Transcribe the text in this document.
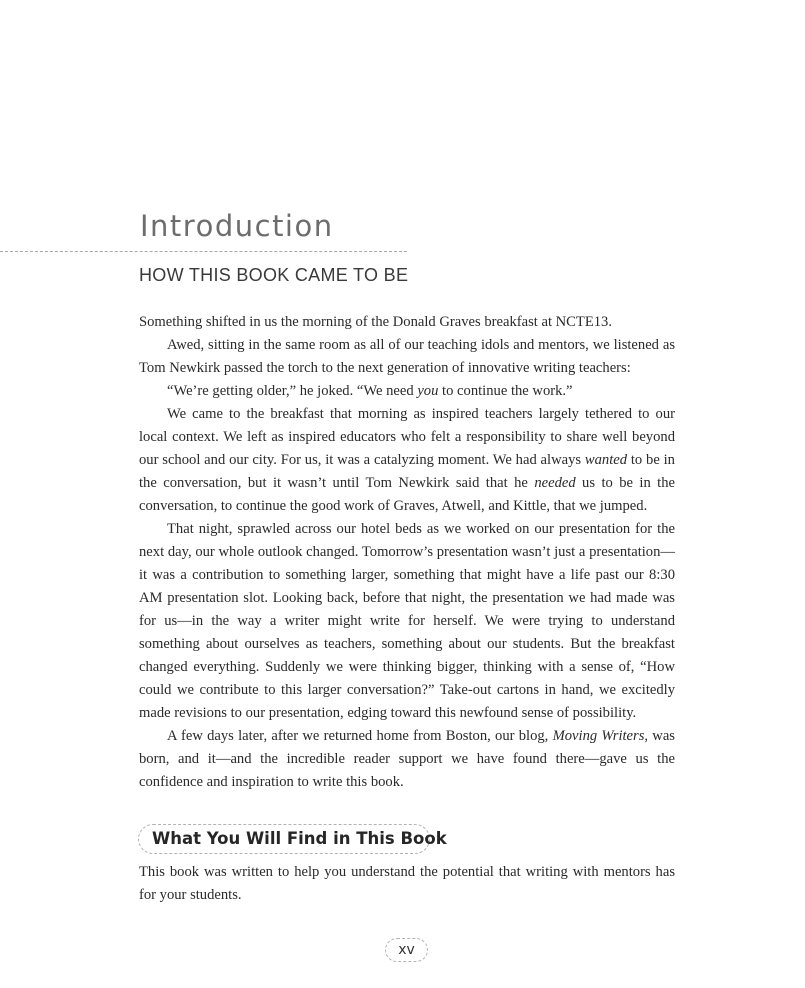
Introduction
HOW THIS BOOK CAME TO BE

Something shifted in us the morning of the Donald Graves breakfast at NCTE13.

Awed, sitting in the same room as all of our teaching idols and mentors, we listened as Tom Newkirk passed the torch to the next generation of innovative writing teachers:

“We’re getting older,” he joked. “We need you to continue the work.”

We came to the breakfast that morning as inspired teachers largely tethered to our local context. We left as inspired educators who felt a responsibility to share well beyond our school and our city. For us, it was a catalyzing moment. We had always wanted to be in the conversation, but it wasn’t until Tom Newkirk said that he needed us to be in the conversation, to continue the good work of Graves, Atwell, and Kittle, that we jumped.

That night, sprawled across our hotel beds as we worked on our presentation for the next day, our whole outlook changed. Tomorrow’s presentation wasn’t just a presentation—it was a contribution to something larger, something that might have a life past our 8:30 AM presentation slot. Looking back, before that night, the presentation we had made was for us—in the way a writer might write for herself. We were trying to understand something about ourselves as teachers, something about our students. But the breakfast changed everything. Suddenly we were thinking bigger, thinking with a sense of, “How could we contribute to this larger conversation?” Take-out cartons in hand, we excitedly made revisions to our presentation, edging toward this newfound sense of possibility.

A few days later, after we returned home from Boston, our blog, Moving Writers, was born, and it—and the incredible reader support we have found there—gave us the confidence and inspiration to write this book.

What You Will Find in This Book

This book was written to help you understand the potential that writing with mentors has for your students.

xv
